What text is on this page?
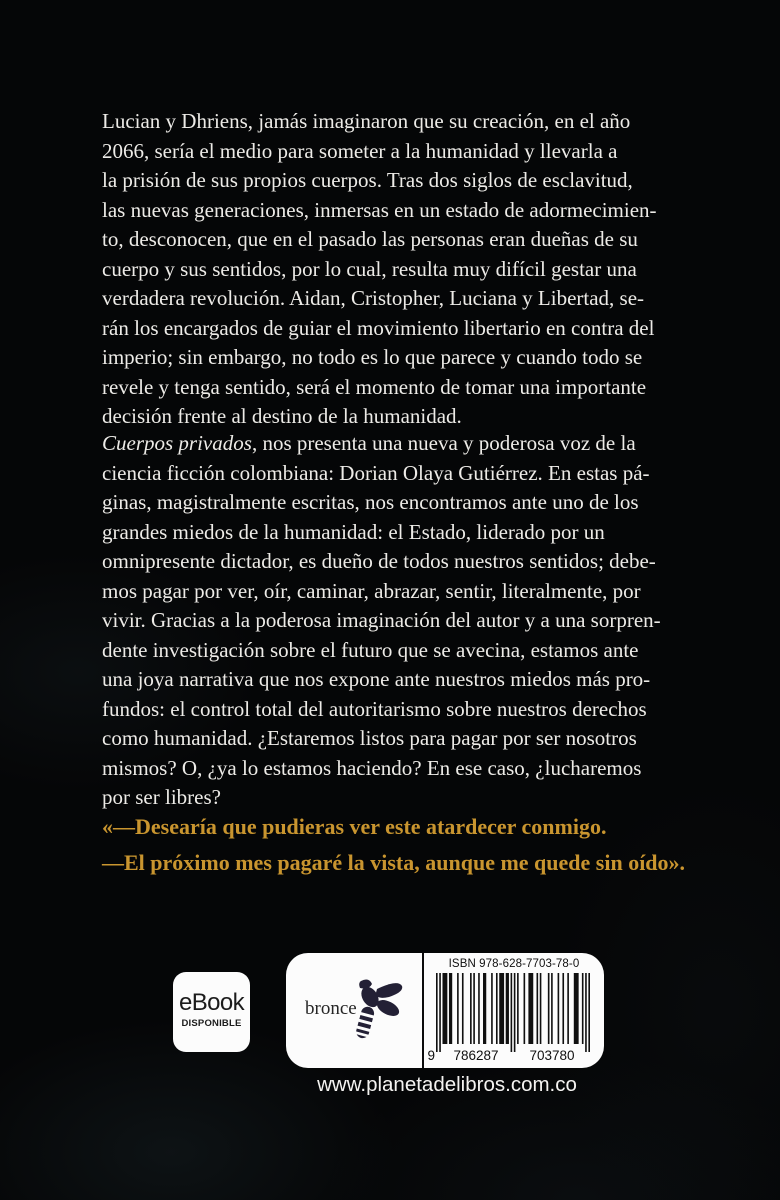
Lucian y Dhriens, jamás imaginaron que su creación, en el año
2066, sería el medio para someter a la humanidad y llevarla a
la prisión de sus propios cuerpos. Tras dos siglos de esclavitud,
las nuevas generaciones, inmersas en un estado de adormecimien-
to, desconocen, que en el pasado las personas eran dueñas de su
cuerpo y sus sentidos, por lo cual, resulta muy difícil gestar una
verdadera revolución. Aidan, Cristopher, Luciana y Libertad, se-
rán los encargados de guiar el movimiento libertario en contra del
imperio; sin embargo, no todo es lo que parece y cuando todo se
revele y tenga sentido, será el momento de tomar una importante
decisión frente al destino de la humanidad.
Cuerpos privados, nos presenta una nueva y poderosa voz de la
ciencia ficción colombiana: Dorian Olaya Gutiérrez. En estas pá-
ginas, magistralmente escritas, nos encontramos ante uno de los
grandes miedos de la humanidad: el Estado, liderado por un
omnipresente dictador, es dueño de todos nuestros sentidos; debe-
mos pagar por ver, oír, caminar, abrazar, sentir, literalmente, por
vivir. Gracias a la poderosa imaginación del autor y a una sorpren-
dente investigación sobre el futuro que se avecina, estamos ante
una joya narrativa que nos expone ante nuestros miedos más pro-
fundos: el control total del autoritarismo sobre nuestros derechos
como humanidad. ¿Estaremos listos para pagar por ser nosotros
mismos? O, ¿ya lo estamos haciendo? En ese caso, ¿lucharemos
por ser libres?
«—Desearía que pudieras ver este atardecer conmigo.
—El próximo mes pagaré la vista, aunque me quede sin oído».
eBook
DISPONIBLE
bronce
ISBN 978-628-7703-78-0
9	786287	703780
www.planetadelibros.com.co
